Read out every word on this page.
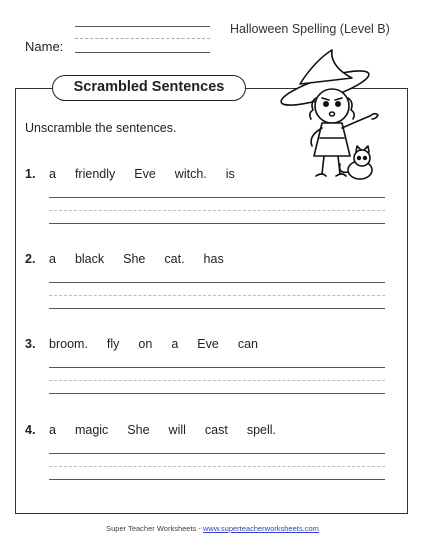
Name:
Halloween Spelling (Level B)
Scrambled Sentences
Unscramble the sentences.
1. a friendly Eve witch. is
2. a black She cat. has
3. broom. fly on a Eve can
4. a magic She will cast spell.
Super Teacher Worksheets - www.superteacherworksheets.com
